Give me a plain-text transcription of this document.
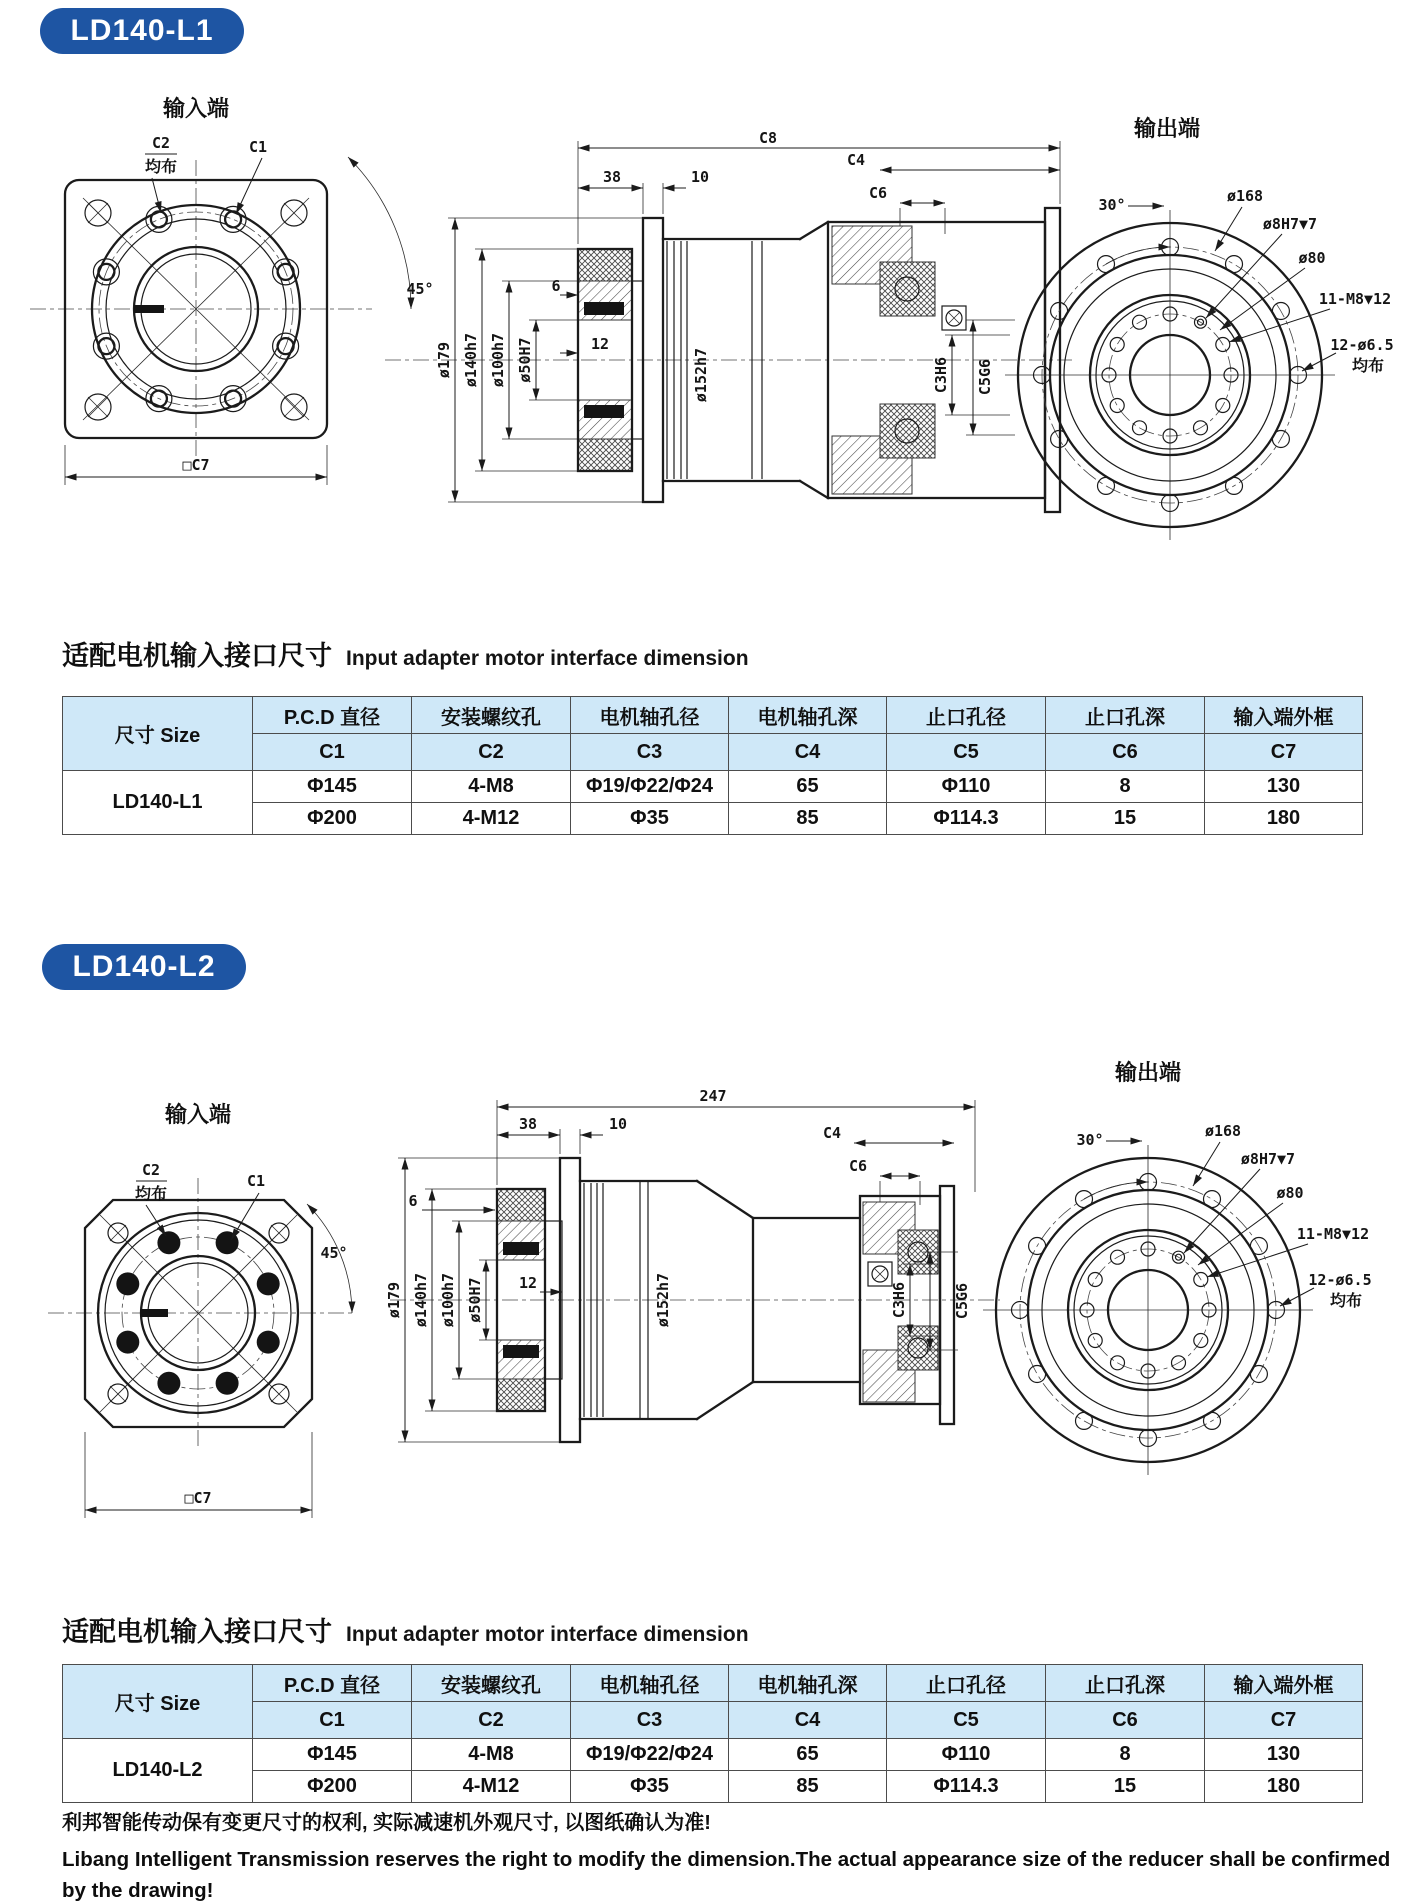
输入端
C2
均布
C1
45°
□C7
C8
38	10
C4
C6
ø179 ø140h7 ø100h7 ø50H7
6
12
ø152h7	C3H6 C5G6
输出端
30°	ø168
ø8H7▼7
ø80
11-M8▼12
12-ø6.5
均布
输入端
C2
均布
C1
45°
□C7
247
38	10	C4
C6
ø179 ø140h7 ø100h7 ø50H7
6
12	ø152h7	C3H6	C5G6
输出端
30°	ø168
ø8H7▼7
ø80
11-M8▼12
12-ø6.5
均布
LD140-L1
LD140-L2
适配电机输入接口尺寸 Input adapter motor interface dimension
尺寸 Size	P.C.D 直径	安装螺纹孔	电机轴孔径	电机轴孔深	止口孔径	止口孔深	输入端外框
	C1	C2	C3	C4	C5	C6	C7
LD140-L1	Φ145	4-M8	Φ19/Φ22/Φ24	65	Φ110	8	130
	Φ200	4-M12	Φ35	85	Φ114.3	15	180
适配电机输入接口尺寸 Input adapter motor interface dimension
尺寸 Size	P.C.D 直径	安装螺纹孔	电机轴孔径	电机轴孔深	止口孔径	止口孔深	输入端外框
	C1	C2	C3	C4	C5	C6	C7
LD140-L2	Φ145	4-M8	Φ19/Φ22/Φ24	65	Φ110	8	130
	Φ200	4-M12	Φ35	85	Φ114.3	15	180
利邦智能传动保有变更尺寸的权利, 实际减速机外观尺寸, 以图纸确认为准!
Libang Intelligent Transmission reserves the right to modify the dimension.The actual appearance size of the reducer shall be confirmed by the drawing!
